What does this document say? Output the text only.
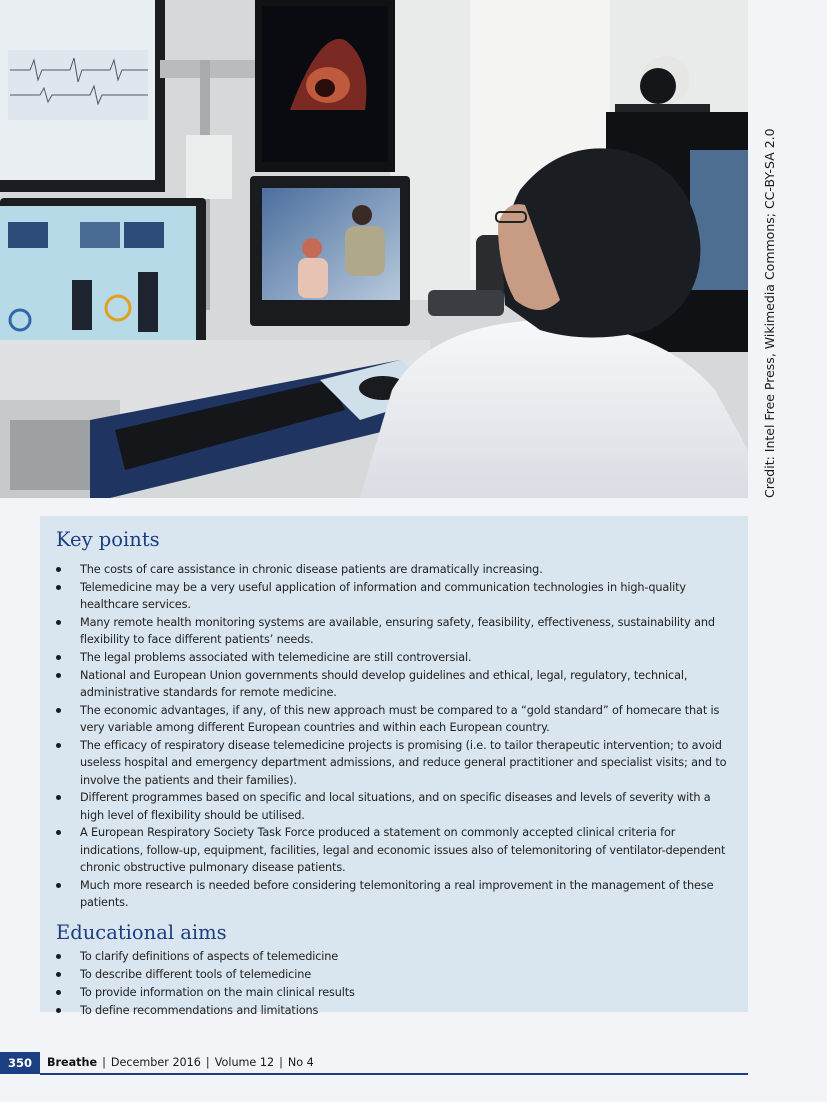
Credit: Intel Free Press, Wikimedia Commons; CC-BY-SA 2.0
Key points
The costs of care assistance in chronic disease patients are dramatically increasing.
Telemedicine may be a very useful application of information and communication technologies in high-quality healthcare services.
Many remote health monitoring systems are available, ensuring safety, feasibility, effectiveness, sustainability and flexibility to face different patients’ needs.
The legal problems associated with telemedicine are still controversial.
National and European Union governments should develop guidelines and ethical, legal, regulatory, technical, administrative standards for remote medicine.
The economic advantages, if any, of this new approach must be compared to a “gold standard” of homecare that is very variable among different European countries and within each European country.
The efficacy of respiratory disease telemedicine projects is promising (i.e. to tailor therapeutic intervention; to avoid useless hospital and emergency department admissions, and reduce general practitioner and specialist visits; and to involve the patients and their families).
Different programmes based on specific and local situations, and on specific diseases and levels of severity with a high level of flexibility should be utilised.
A European Respiratory Society Task Force produced a statement on commonly accepted clinical criteria for indications, follow-up, equipment, facilities, legal and economic issues also of telemonitoring of ventilator-dependent chronic obstructive pulmonary disease patients.
Much more research is needed before considering telemonitoring a real improvement in the management of these patients.
Educational aims
To clarify definitions of aspects of telemedicine
To describe different tools of telemedicine
To provide information on the main clinical results
To define recommendations and limitations
350	Breathe | December 2016 | Volume 12 | No 4
